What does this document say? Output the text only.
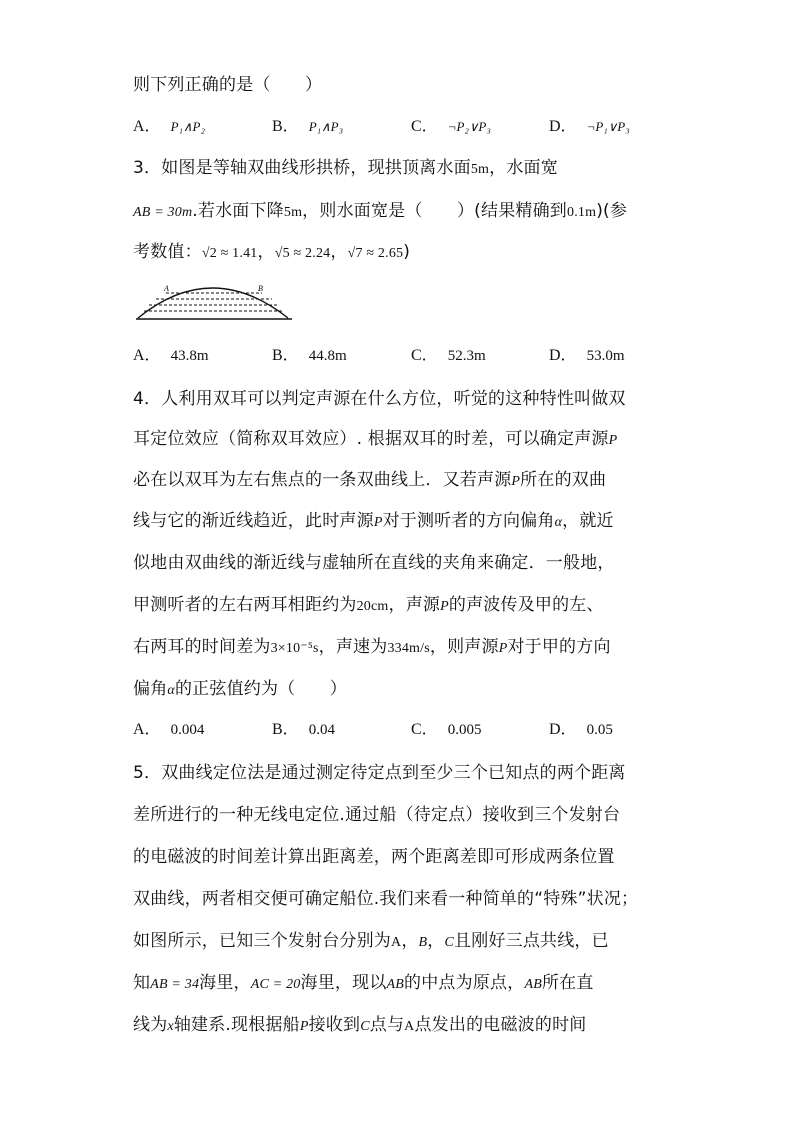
则下列正确的是（　　）
A． P₁∧P₂	B． P₁∧P₃	C． ¬P₂∨P₃	D． ¬P₁∨P₃
3．如图是等轴双曲线形拱桥，现拱顶离水面5m，水面宽
AB = 30m.若水面下降5m，则水面宽是（　　）(结果精确到0.1m)(参
考数值：√2 ≈ 1.41，√5 ≈ 2.24，√7 ≈ 2.65)
A	B
A． 43.8m	B． 44.8m	C． 52.3m	D． 53.0m
4．人利用双耳可以判定声源在什么方位，听觉的这种特性叫做双
耳定位效应（简称双耳效应）. 根据双耳的时差，可以确定声源P
必在以双耳为左右焦点的一条双曲线上．又若声源P所在的双曲
线与它的渐近线趋近，此时声源P对于测听者的方向偏角α，就近
似地由双曲线的渐近线与虚轴所在直线的夹角来确定．一般地，
甲测听者的左右两耳相距约为20cm，声源P的声波传及甲的左、
右两耳的时间差为3×10⁻⁵s，声速为334m/s，则声源P对于甲的方向
偏角α的正弦值约为（　　）
A． 0.004	B． 0.04	C． 0.005	D． 0.05
5．双曲线定位法是通过测定待定点到至少三个已知点的两个距离
差所进行的一种无线电定位.通过船（待定点）接收到三个发射台
的电磁波的时间差计算出距离差，两个距离差即可形成两条位置
双曲线，两者相交便可确定船位.我们来看一种简单的“特殊”状况；
如图所示，已知三个发射台分别为A，B，C且刚好三点共线，已
知AB = 34海里，AC = 20海里，现以AB的中点为原点，AB所在直
线为x轴建系.现根据船P接收到C点与A点发出的电磁波的时间
